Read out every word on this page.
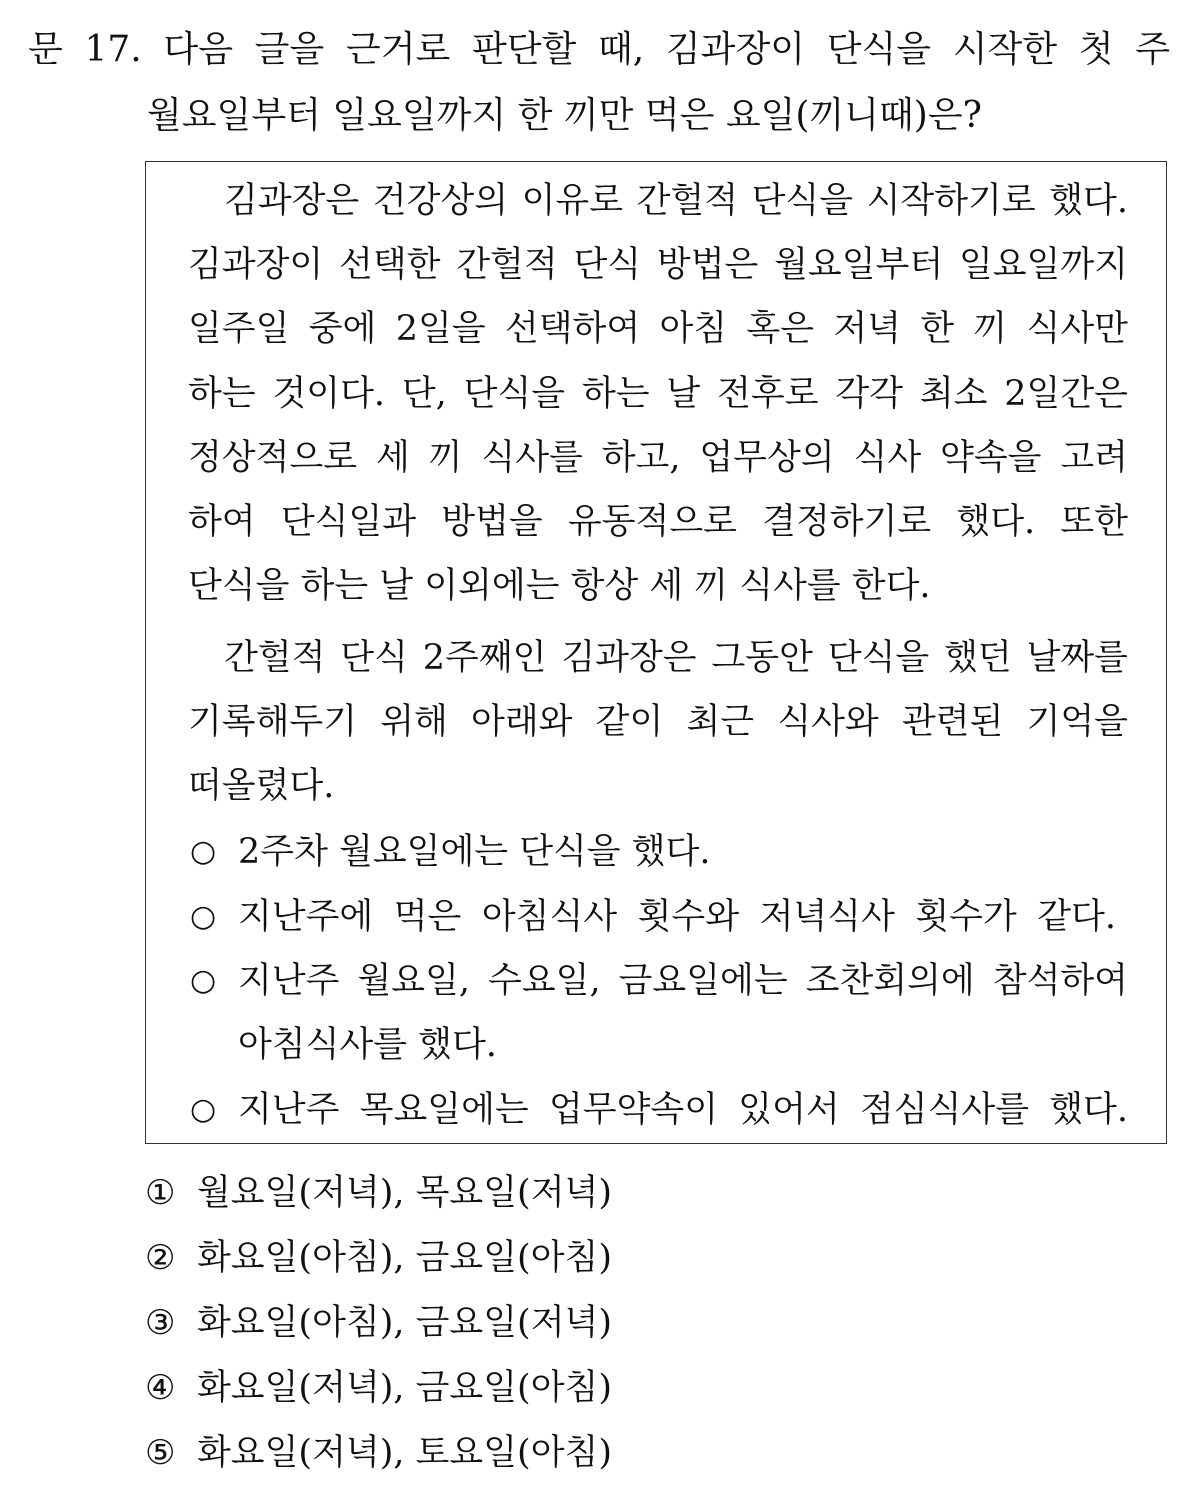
문 17. 다음 글을 근거로 판단할 때, 김과장이 단식을 시작한 첫 주
월요일부터 일요일까지 한 끼만 먹은 요일(끼니때)은?
김과장은 건강상의 이유로 간헐적 단식을 시작하기로 했다.
김과장이 선택한 간헐적 단식 방법은 월요일부터 일요일까지
일주일 중에 2일을 선택하여 아침 혹은 저녁 한 끼 식사만
하는 것이다. 단, 단식을 하는 날 전후로 각각 최소 2일간은
정상적으로 세 끼 식사를 하고, 업무상의 식사 약속을 고려
하여 단식일과 방법을 유동적으로 결정하기로 했다. 또한
단식을 하는 날 이외에는 항상 세 끼 식사를 한다.
간헐적 단식 2주째인 김과장은 그동안 단식을 했던 날짜를
기록해두기 위해 아래와 같이 최근 식사와 관련된 기억을
떠올렸다.
○ 2주차 월요일에는 단식을 했다.
○ 지난주에 먹은 아침식사 횟수와 저녁식사 횟수가 같다.
○ 지난주 월요일, 수요일, 금요일에는 조찬회의에 참석하여
아침식사를 했다.
○ 지난주 목요일에는 업무약속이 있어서 점심식사를 했다.
① 월요일(저녁), 목요일(저녁)
② 화요일(아침), 금요일(아침)
③ 화요일(아침), 금요일(저녁)
④ 화요일(저녁), 금요일(아침)
⑤ 화요일(저녁), 토요일(아침)
